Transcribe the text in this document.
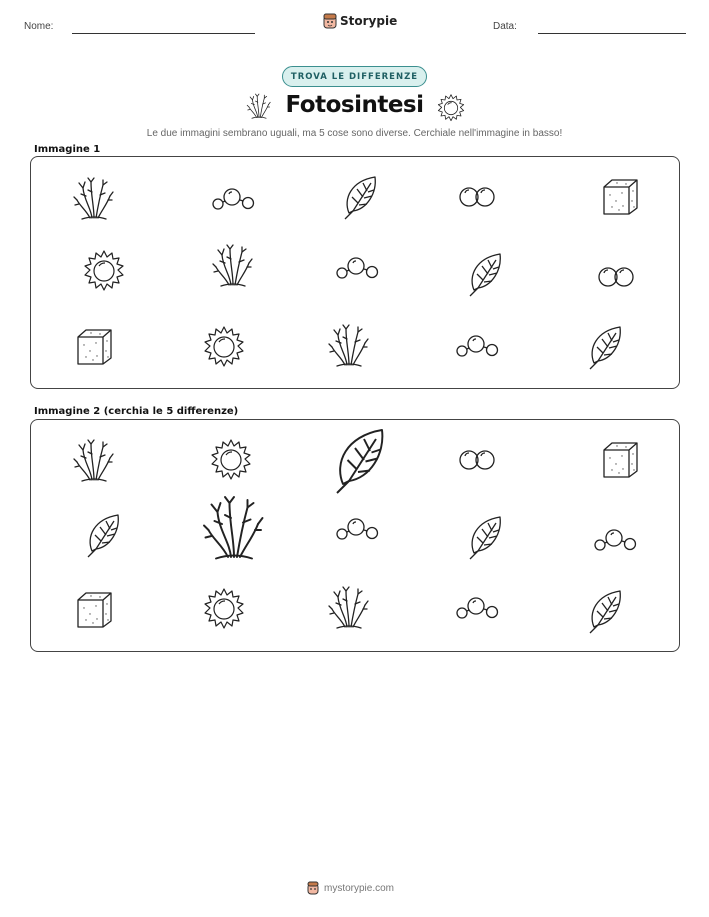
Nome:	Storypie	Data:
TROVA LE DIFFERENZE
Fotosintesi
Le due immagini sembrano uguali, ma 5 cose sono diverse. Cerchiale nell'immagine in basso!
Immagine 1
Immagine 2 (cerchia le 5 differenze)
mystorypie.com
